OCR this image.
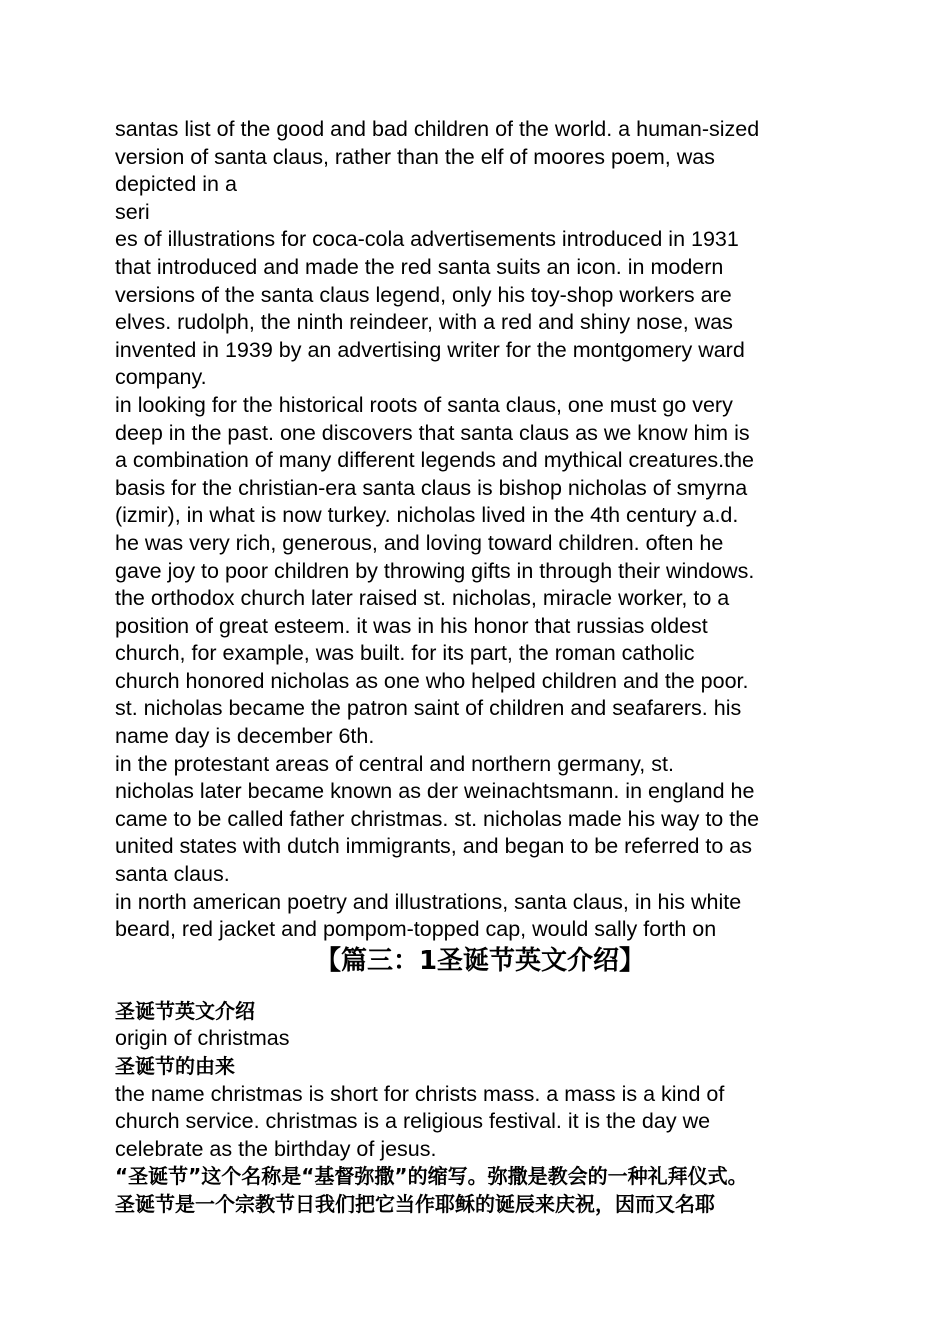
santas list of the good and bad children of the world. a human-sized

version of santa claus, rather than the elf of moores poem, was

depicted in a

seri

es of illustrations for coca-cola advertisements introduced in 1931

that introduced and made the red santa suits an icon. in modern

versions of the santa claus legend, only his toy-shop workers are

elves. rudolph, the ninth reindeer, with a red and shiny nose, was

invented in 1939 by an advertising writer for the montgomery ward

company.

in looking for the historical roots of santa claus, one must go very

deep in the past. one discovers that santa claus as we know him is

a combination of many different legends and mythical creatures.the

basis for the christian-era santa claus is bishop nicholas of smyrna

(izmir), in what is now turkey. nicholas lived in the 4th century a.d.

he was very rich, generous, and loving toward children. often he

gave joy to poor children by throwing gifts in through their windows.

the orthodox church later raised st. nicholas, miracle worker, to a

position of great esteem. it was in his honor that russias oldest

church, for example, was built. for its part, the roman catholic

church honored nicholas as one who helped children and the poor.

st. nicholas became the patron saint of children and seafarers. his

name day is december 6th.

in the protestant areas of central and northern germany, st.

nicholas later became known as der weinachtsmann. in england he

came to be called father christmas. st. nicholas made his way to the

united states with dutch immigrants, and began to be referred to as

santa claus.

in north american poetry and illustrations, santa claus, in his white

beard, red jacket and pompom-topped cap, would sally forth on

【篇三：1圣诞节英文介绍】

圣诞节英文介绍

origin of christmas

圣诞节的由来

the name christmas is short for christs mass. a mass is a kind of

church service. christmas is a religious festival. it is the day we

celebrate as the birthday of jesus.

“圣诞节”这个名称是“基督弥撒”的缩写。弥撒是教会的一种礼拜仪式。

圣诞节是一个宗教节日我们把它当作耶稣的诞辰来庆祝，因而又名耶
